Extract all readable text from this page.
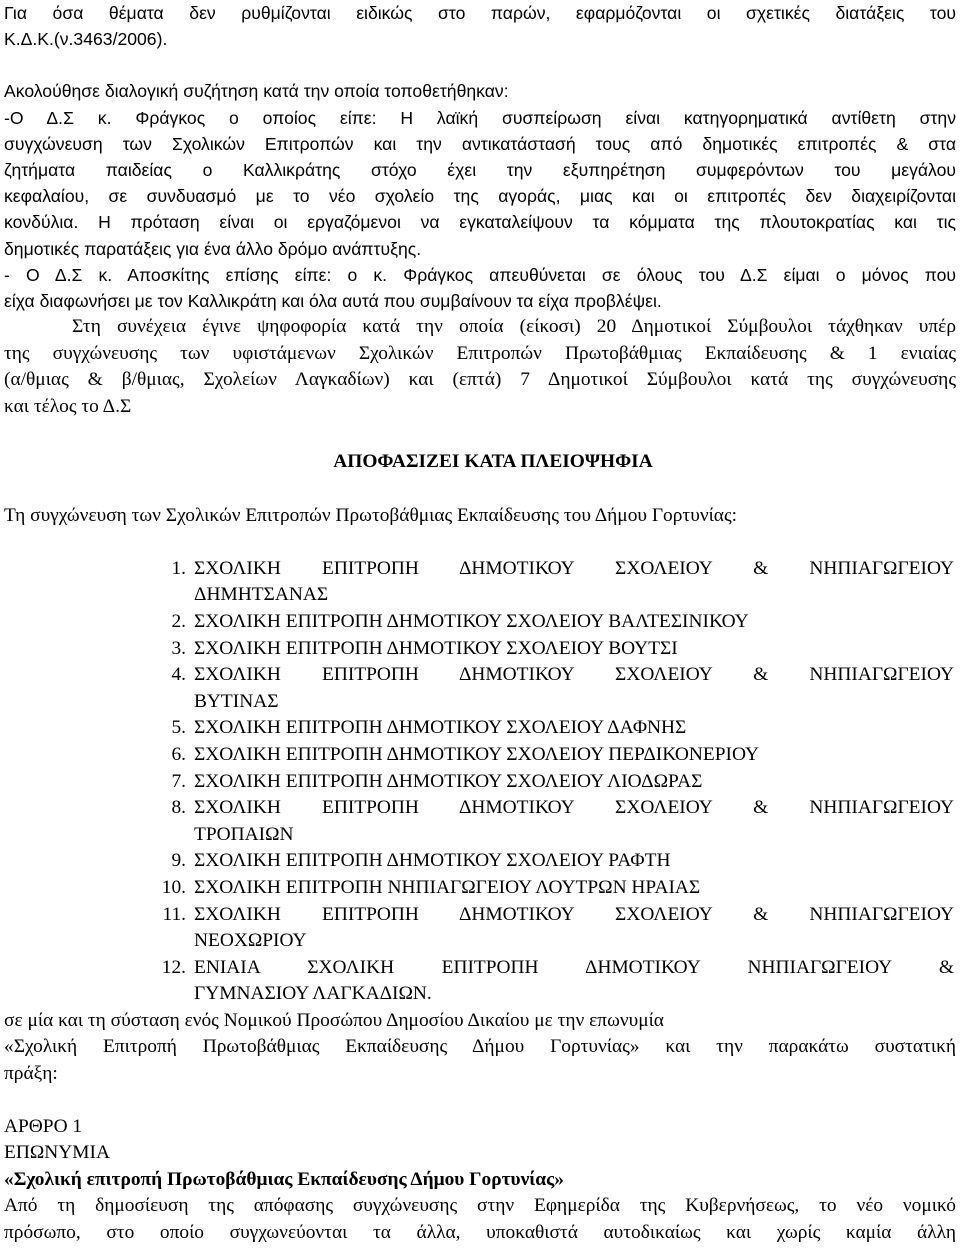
Για όσα θέματα δεν ρυθμίζονται ειδικώς στο παρών, εφαρμόζονται οι σχετικές διατάξεις του
Κ.Δ.Κ.(ν.3463/2006).
Ακολούθησε διαλογική συζήτηση κατά την οποία τοποθετήθηκαν:
-Ο Δ.Σ κ. Φράγκος ο οποίος είπε: Η λαϊκή συσπείρωση είναι κατηγορηματικά αντίθετη στην
συγχώνευση των Σχολικών Επιτροπών και την αντικατάστασή τους από δημοτικές επιτροπές & στα
ζητήματα παιδείας ο Καλλικράτης στόχο έχει την εξυπηρέτηση συμφερόντων του μεγάλου
κεφαλαίου, σε συνδυασμό με το νέο σχολείο της αγοράς, μιας και οι επιτροπές δεν διαχειρίζονται
κονδύλια. Η πρόταση είναι οι εργαζόμενοι να εγκαταλείψουν τα κόμματα της πλουτοκρατίας και τις
δημοτικές παρατάξεις για ένα άλλο δρόμο ανάπτυξης.
- Ο Δ.Σ κ. Αποσκίτης επίσης είπε: ο κ. Φράγκος απευθύνεται σε όλους του Δ.Σ είμαι ο μόνος που
είχα διαφωνήσει με τον Καλλικράτη και όλα αυτά που συμβαίνουν τα είχα προβλέψει.
Στη συνέχεια έγινε ψηφοφορία κατά την οποία (είκοσι) 20 Δημοτικοί Σύμβουλοι τάχθηκαν υπέρ
της συγχώνευσης των υφιστάμενων Σχολικών Επιτροπών Πρωτοβάθμιας Εκπαίδευσης & 1 ενιαίας
(α/θμιας & β/θμιας, Σχολείων Λαγκαδίων) και (επτά) 7 Δημοτικοί Σύμβουλοι κατά της συγχώνευσης
και τέλος το Δ.Σ

ΑΠΟΦΑΣΙΖΕΙ ΚΑΤΑ ΠΛΕΙΟΨΗΦΙΑ

Τη συγχώνευση των Σχολικών Επιτροπών Πρωτοβάθμιας Εκπαίδευσης του Δήμου Γορτυνίας:

1. ΣΧΟΛΙΚΗ ΕΠΙΤΡΟΠΗ ΔΗΜΟΤΙΚΟΥ ΣΧΟΛΕΙΟΥ & ΝΗΠΙΑΓΩΓΕΙΟΥ
ΔΗΜΗΤΣΑΝΑΣ
2. ΣΧΟΛΙΚΗ ΕΠΙΤΡΟΠΗ ΔΗΜΟΤΙΚΟΥ ΣΧΟΛΕΙΟΥ ΒΑΛΤΕΣΙΝΙΚΟΥ
3. ΣΧΟΛΙΚΗ ΕΠΙΤΡΟΠΗ ΔΗΜΟΤΙΚΟΥ ΣΧΟΛΕΙΟΥ ΒΟΥΤΣΙ
4. ΣΧΟΛΙΚΗ ΕΠΙΤΡΟΠΗ ΔΗΜΟΤΙΚΟΥ ΣΧΟΛΕΙΟΥ & ΝΗΠΙΑΓΩΓΕΙΟΥ
ΒΥΤΙΝΑΣ
5. ΣΧΟΛΙΚΗ ΕΠΙΤΡΟΠΗ ΔΗΜΟΤΙΚΟΥ ΣΧΟΛΕΙΟΥ ΔΑΦΝΗΣ
6. ΣΧΟΛΙΚΗ ΕΠΙΤΡΟΠΗ ΔΗΜΟΤΙΚΟΥ ΣΧΟΛΕΙΟΥ ΠΕΡΔΙΚΟΝΕΡΙΟΥ
7. ΣΧΟΛΙΚΗ ΕΠΙΤΡΟΠΗ ΔΗΜΟΤΙΚΟΥ ΣΧΟΛΕΙΟΥ ΛΙΟΔΩΡΑΣ
8. ΣΧΟΛΙΚΗ ΕΠΙΤΡΟΠΗ ΔΗΜΟΤΙΚΟΥ ΣΧΟΛΕΙΟΥ & ΝΗΠΙΑΓΩΓΕΙΟΥ
ΤΡΟΠΑΙΩΝ
9. ΣΧΟΛΙΚΗ ΕΠΙΤΡΟΠΗ ΔΗΜΟΤΙΚΟΥ ΣΧΟΛΕΙΟΥ ΡΑΦΤΗ
10. ΣΧΟΛΙΚΗ ΕΠΙΤΡΟΠΗ ΝΗΠΙΑΓΩΓΕΙΟΥ ΛΟΥΤΡΩΝ ΗΡΑΙΑΣ
11. ΣΧΟΛΙΚΗ ΕΠΙΤΡΟΠΗ ΔΗΜΟΤΙΚΟΥ ΣΧΟΛΕΙΟΥ & ΝΗΠΙΑΓΩΓΕΙΟΥ
ΝΕΟΧΩΡΙΟΥ
12. ΕΝΙΑΙΑ ΣΧΟΛΙΚΗ ΕΠΙΤΡΟΠΗ ΔΗΜΟΤΙΚΟΥ ΝΗΠΙΑΓΩΓΕΙΟΥ &
ΓΥΜΝΑΣΙΟΥ ΛΑΓΚΑΔΙΩΝ.
σε μία και τη σύσταση ενός Νομικού Προσώπου Δημοσίου Δικαίου με την επωνυμία
«Σχολική Επιτροπή Πρωτοβάθμιας Εκπαίδευσης Δήμου Γορτυνίας» και την παρακάτω συστατική
πράξη:
ΑΡΘΡΟ 1
ΕΠΩΝΥΜΙΑ
«Σχολική επιτροπή Πρωτοβάθμιας Εκπαίδευσης Δήμου Γορτυνίας»
Από τη δημοσίευση της απόφασης συγχώνευσης στην Εφημερίδα της Κυβερνήσεως, το νέο νομικό
πρόσωπο, στο οποίο συγχωνεύονται τα άλλα, υποκαθιστά αυτοδικαίως και χωρίς καμία άλλη
